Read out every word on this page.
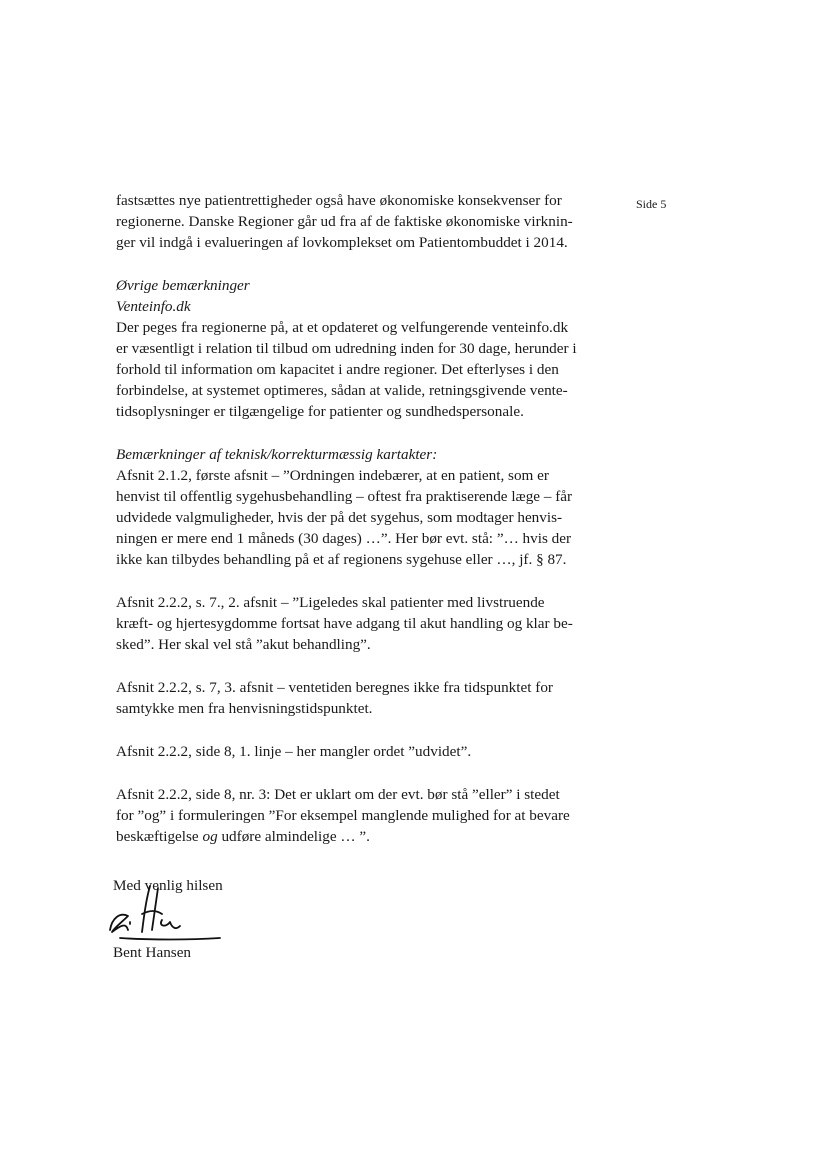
Side 5

fastsættes nye patientrettigheder også have økonomiske konsekvenser for

regionerne. Danske Regioner går ud fra af de faktiske økonomiske virknin-

ger vil indgå i evalueringen af lovkomplekset om Patientombuddet i 2014.

Øvrige bemærkninger

Venteinfo.dk

Der peges fra regionerne på, at et opdateret og velfungerende venteinfo.dk

er væsentligt i relation til tilbud om udredning inden for 30 dage, herunder i

forhold til information om kapacitet i andre regioner. Det efterlyses i den

forbindelse, at systemet optimeres, sådan at valide, retningsgivende vente-

tidsoplysninger er tilgængelige for patienter og sundhedspersonale.

Bemærkninger af teknisk/korrekturmæssig kartakter:

Afsnit 2.1.2, første afsnit – ”Ordningen indebærer, at en patient, som er

henvist til offentlig sygehusbehandling – oftest fra praktiserende læge – får

udvidede valgmuligheder, hvis der på det sygehus, som modtager henvis-

ningen er mere end 1 måneds (30 dages) …”. Her bør evt. stå: ”… hvis der

ikke kan tilbydes behandling på et af regionens sygehuse eller …, jf. § 87.

Afsnit 2.2.2, s. 7., 2. afsnit – ”Ligeledes skal patienter med livstruende

kræft- og hjertesygdomme fortsat have adgang til akut handling og klar be-

sked”. Her skal vel stå ”akut behandling”.

Afsnit 2.2.2, s. 7, 3. afsnit – ventetiden beregnes ikke fra tidspunktet for

samtykke men fra henvisningstidspunktet.

Afsnit 2.2.2, side 8, 1. linje – her mangler ordet ”udvidet”.

Afsnit 2.2.2, side 8, nr. 3: Det er uklart om der evt. bør stå ”eller” i stedet

for ”og” i formuleringen ”For eksempel manglende mulighed for at bevare

beskæftigelse og udføre almindelige … ”.

Med venlig hilsen
Bent Hansen
